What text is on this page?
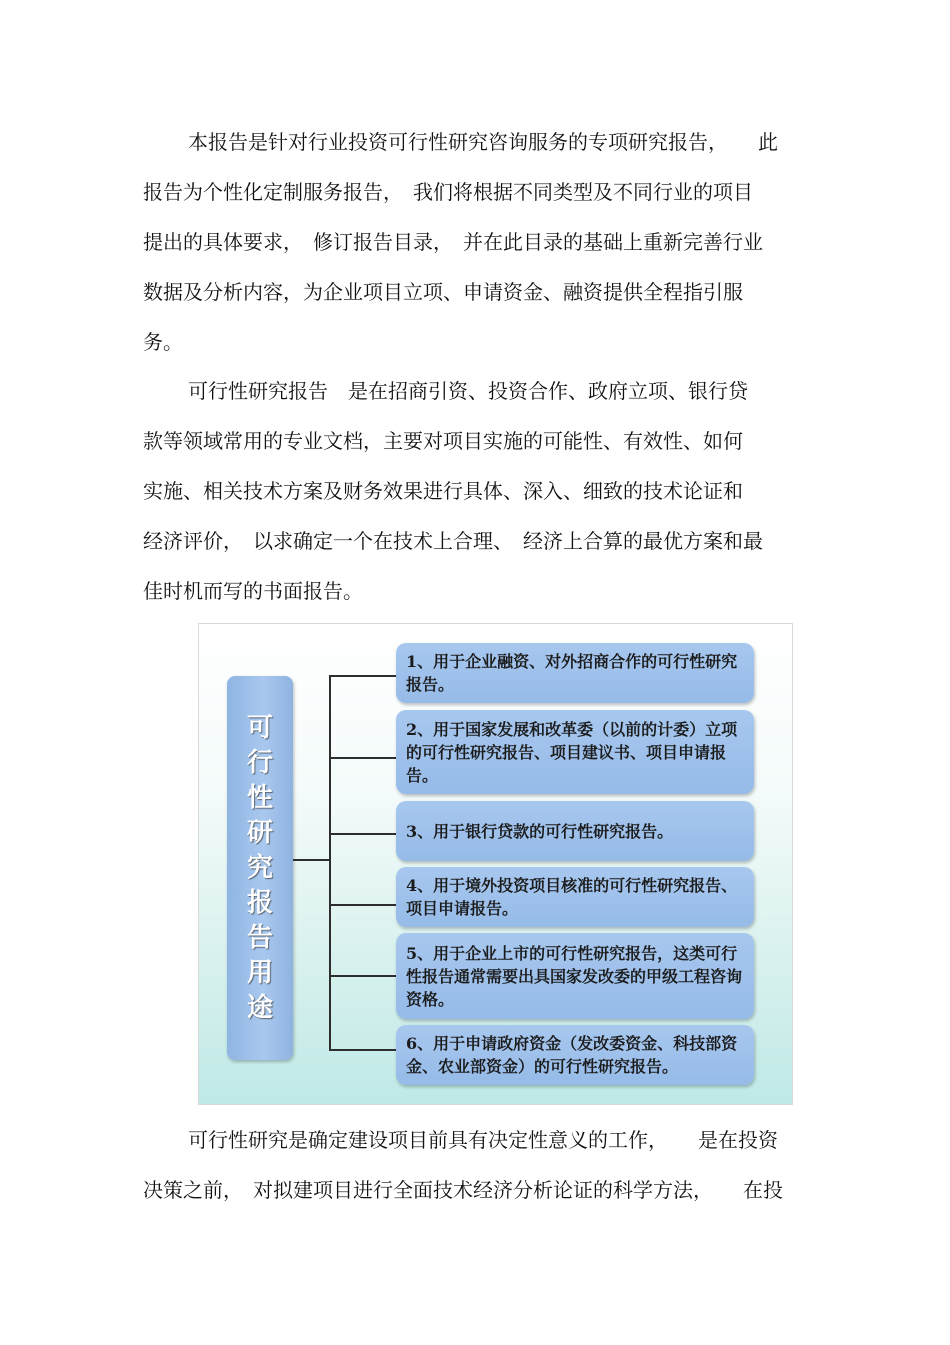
本报告是针对行业投资可行性研究咨询服务的专项研究报告，　　此
报告为个性化定制服务报告，　我们将根据不同类型及不同行业的项目
提出的具体要求，　修订报告目录，　并在此目录的基础上重新完善行业
数据及分析内容，为企业项目立项、申请资金、融资提供全程指引服
务。
可行性研究报告　是在招商引资、投资合作、政府立项、银行贷
款等领域常用的专业文档，主要对项目实施的可能性、有效性、如何
实施、相关技术方案及财务效果进行具体、深入、细致的技术论证和
经济评价，　以求确定一个在技术上合理、　经济上合算的最优方案和最
佳时机而写的书面报告。
可
行
性
研
究
报
告
用
途
1、用于企业融资、对外招商合作的可行性研究报告。
2、用于国家发展和改革委（以前的计委）立项的可行性研究报告、项目建议书、项目申请报告。
3、用于银行贷款的可行性研究报告。
4、用于境外投资项目核准的可行性研究报告、项目申请报告。
5、用于企业上市的可行性研究报告，这类可行性报告通常需要出具国家发改委的甲级工程咨询资格。
6、用于申请政府资金（发改委资金、科技部资金、农业部资金）的可行性研究报告。
可行性研究是确定建设项目前具有决定性意义的工作，　　是在投资
决策之前，　对拟建项目进行全面技术经济分析论证的科学方法，　　在投
